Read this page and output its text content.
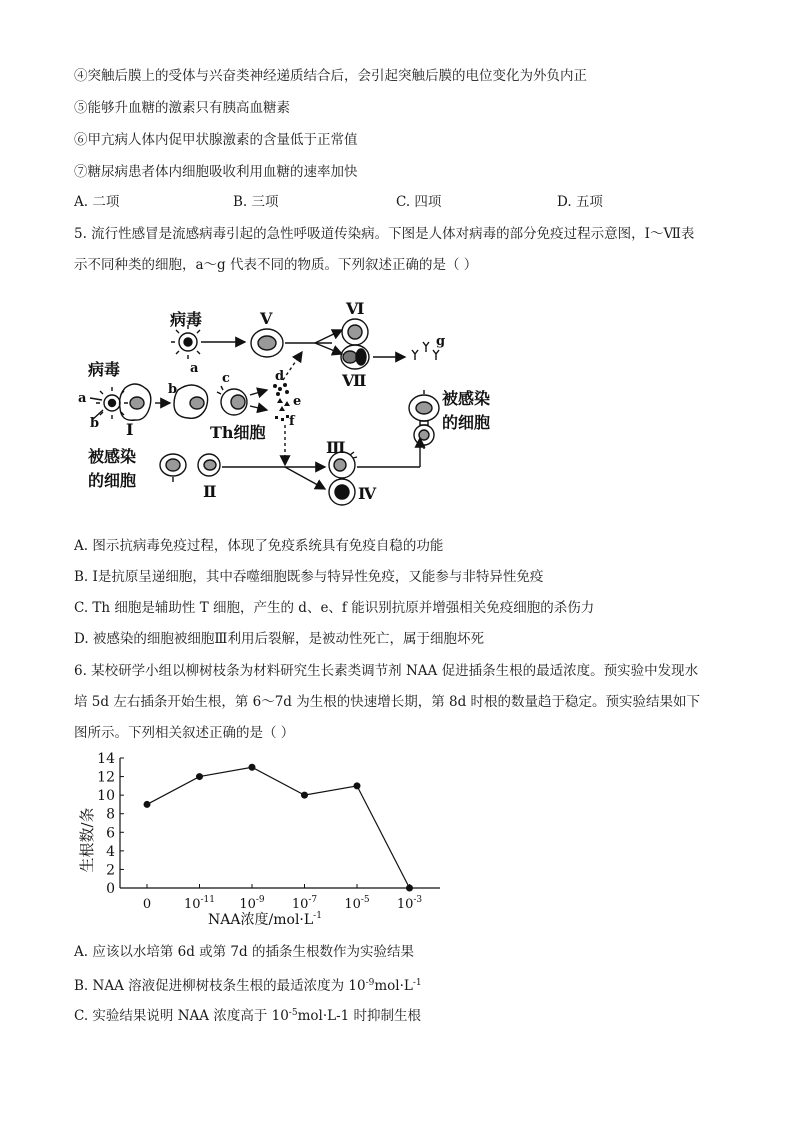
④突触后膜上的受体与兴奋类神经递质结合后，会引起突触后膜的电位变化为外负内正
⑤能够升血糖的激素只有胰高血糖素
⑥甲亢病人体内促甲状腺激素的含量低于正常值
⑦糖尿病患者体内细胞吸收利用血糖的速率加快
A. 二项	B. 三项	C. 四项	D. 五项
5. 流行性感冒是流感病毒引起的急性呼吸道传染病。下图是人体对病毒的部分免疫过程示意图，Ⅰ～Ⅶ表
示不同种类的细胞，a～g 代表不同的物质。下列叙述正确的是（ ）
病毒
病毒
被感染
的细胞
被感染
的细胞
Th细胞
a
a
b
b
c	d
e
f
g
Ⅰ
Ⅱ
Ⅲ
Ⅳ
Ⅴ
Ⅵ
Ⅶ
A. 图示抗病毒免疫过程，体现了免疫系统具有免疫自稳的功能
B. Ⅰ是抗原呈递细胞，其中吞噬细胞既参与特异性免疫，又能参与非特异性免疫
C. Th 细胞是辅助性 T 细胞，产生的 d、e、f 能识别抗原并增强相关免疫细胞的杀伤力
D. 被感染的细胞被细胞Ⅲ利用后裂解，是被动性死亡，属于细胞坏死
6. 某校研学小组以柳树枝条为材料研究生长素类调节剂 NAA 促进插条生根的最适浓度。预实验中发现水
培 5d 左右插条开始生根，第 6～7d 为生根的快速增长期，第 8d 时根的数量趋于稳定。预实验结果如下
图所示。下列相关叙述正确的是（ ）
0
2
4
6
8
10
12
14
0	$10^{-11}$ $10^{-9}$ $10^{-7}$ $10^{-5}$ $10^{-3}$
生根数/条
NAA浓度$/mol\cdot L^{-1}$
A. 应该以水培第 6d 或第 7d 的插条生根数作为实验结果
B. NAA 溶液促进柳树枝条生根的最适浓度为 $10^{-9}mol\cdot L^{-1}$
C. 实验结果说明 NAA 浓度高于 $10^{-5}mol\cdot L-1$ 时抑制生根
